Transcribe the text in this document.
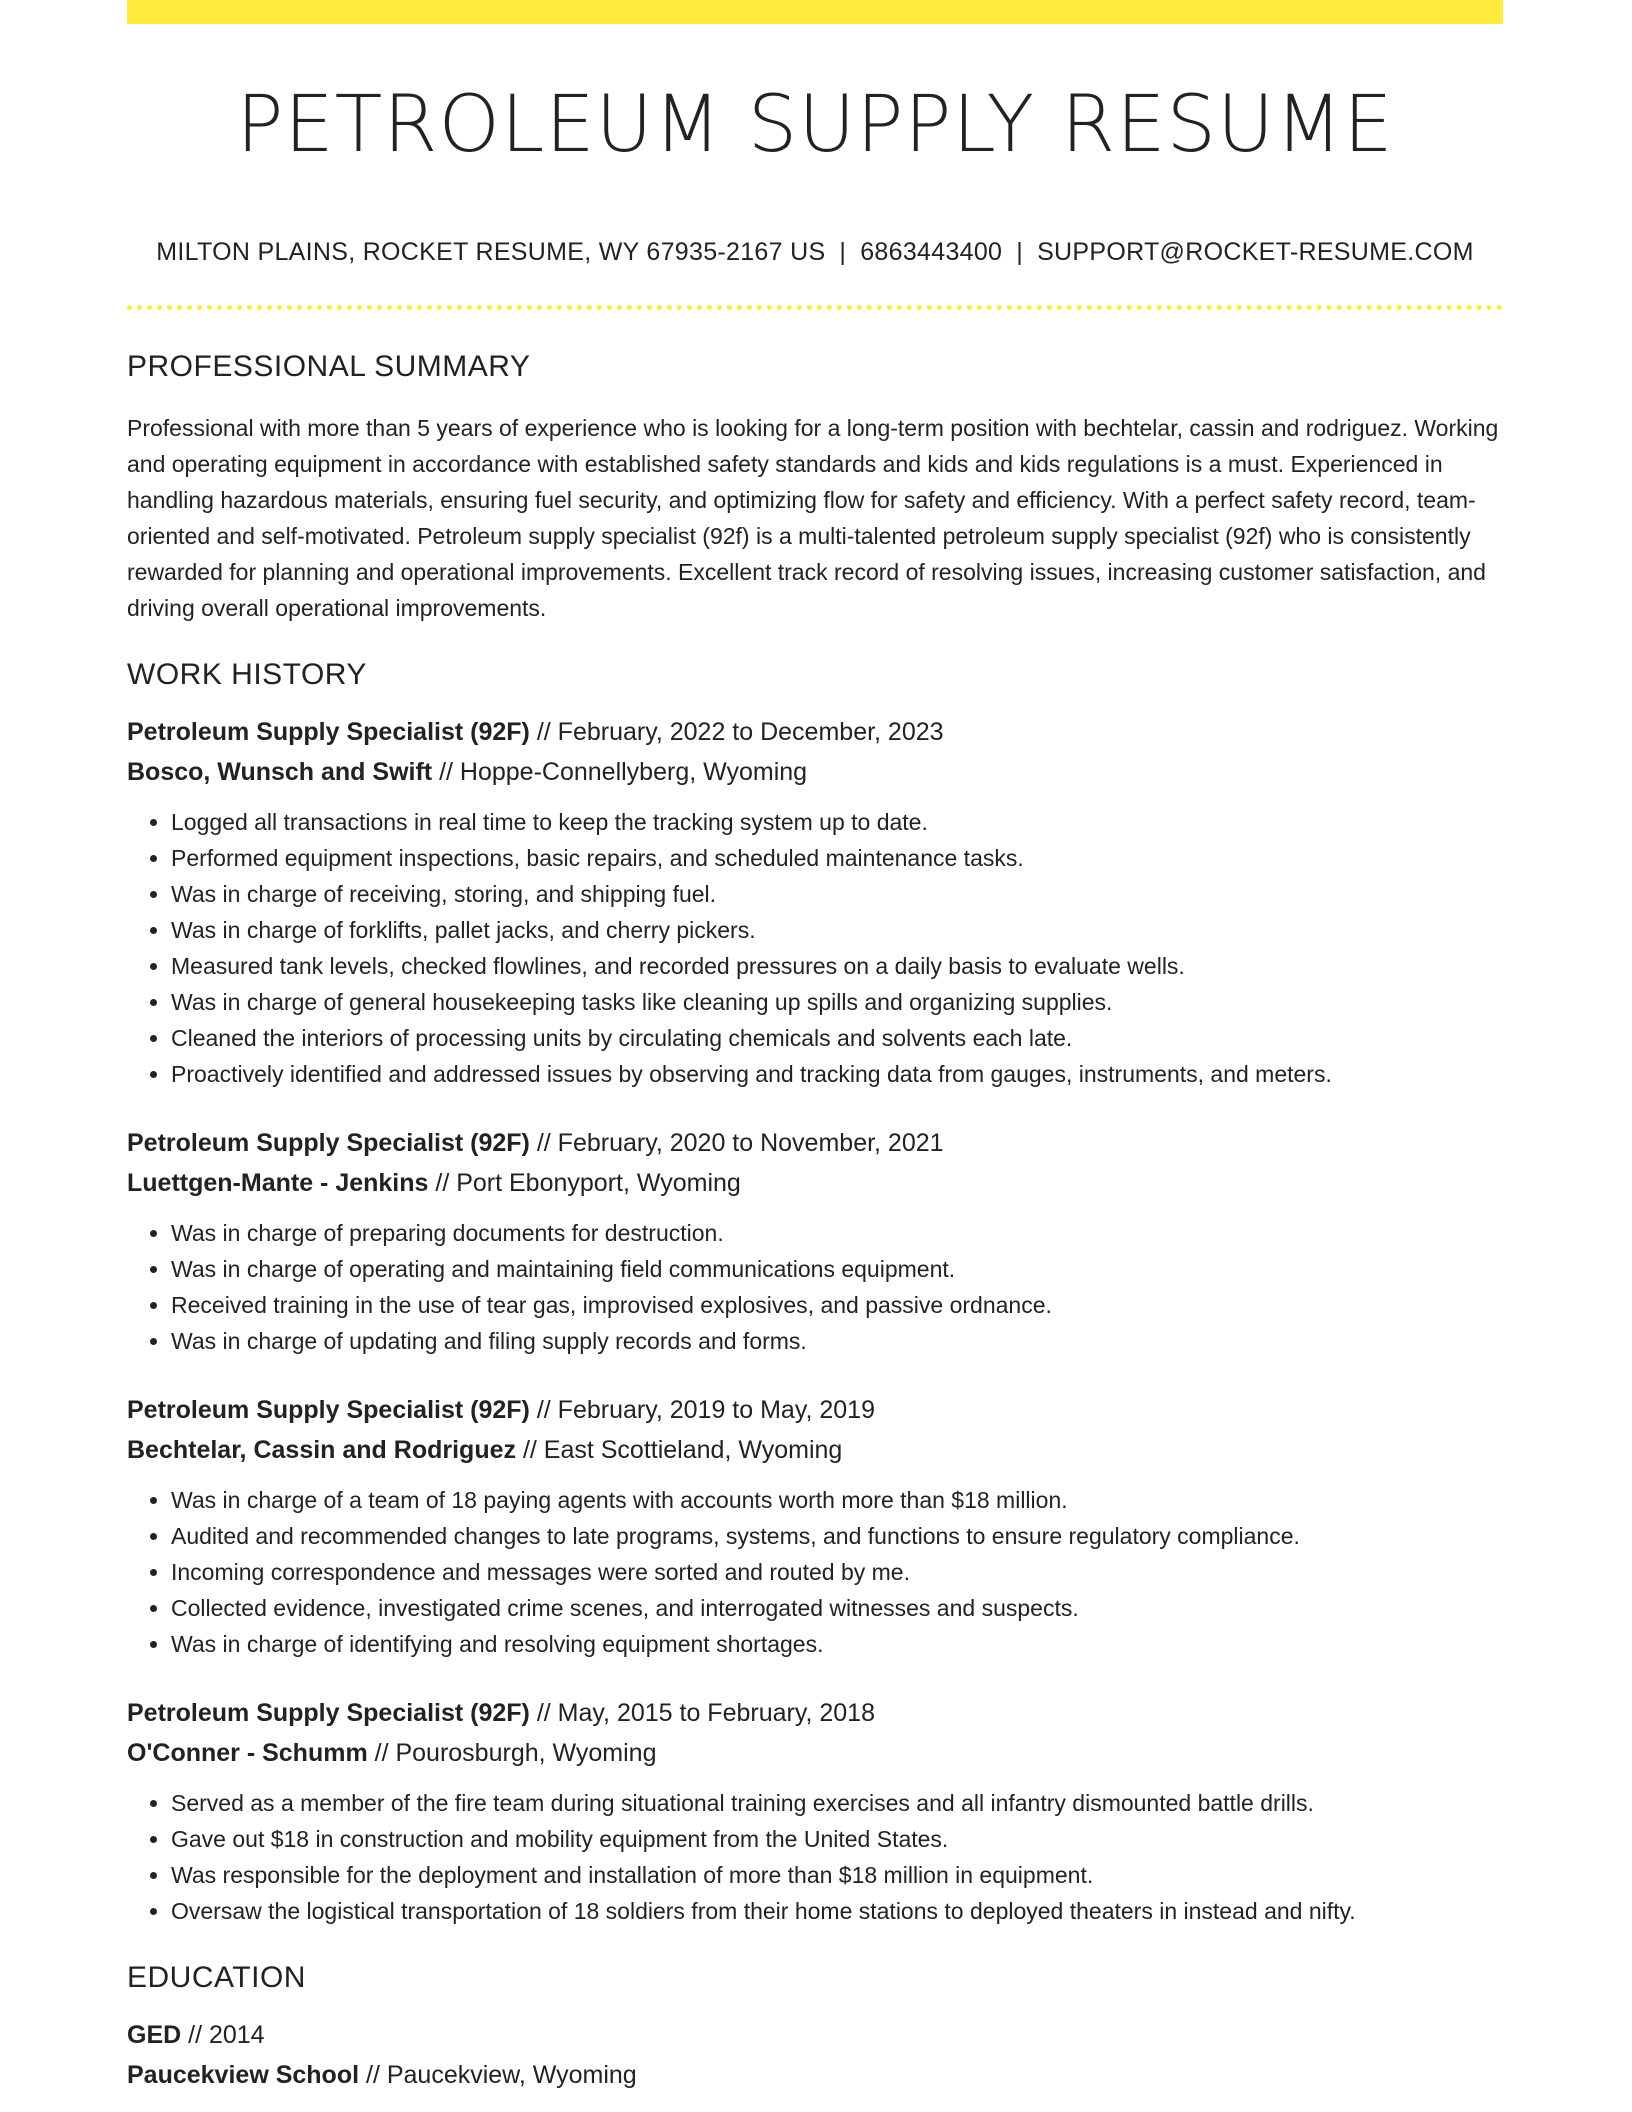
PETROLEUM SUPPLY RESUME
MILTON PLAINS, ROCKET RESUME, WY 67935-2167 US | 6863443400 | SUPPORT@ROCKET-RESUME.COM
PROFESSIONAL SUMMARY

Professional with more than 5 years of experience who is looking for a long-term position with bechtelar, cassin and rodriguez. Working and operating equipment in accordance with established safety standards and kids and kids regulations is a must. Experienced in handling hazardous materials, ensuring fuel security, and optimizing flow for safety and efficiency. With a perfect safety record, team-oriented and self-motivated. Petroleum supply specialist (92f) is a multi-talented petroleum supply specialist (92f) who is consistently rewarded for planning and operational improvements. Excellent track record of resolving issues, increasing customer satisfaction, and driving overall operational improvements.

WORK HISTORY
Petroleum Supply Specialist (92F) // February, 2022 to December, 2023
Bosco, Wunsch and Swift // Hoppe-Connellyberg, Wyoming
• Logged all transactions in real time to keep the tracking system up to date.
• Performed equipment inspections, basic repairs, and scheduled maintenance tasks.
• Was in charge of receiving, storing, and shipping fuel.
• Was in charge of forklifts, pallet jacks, and cherry pickers.
• Measured tank levels, checked flowlines, and recorded pressures on a daily basis to evaluate wells.
• Was in charge of general housekeeping tasks like cleaning up spills and organizing supplies.
• Cleaned the interiors of processing units by circulating chemicals and solvents each late.
• Proactively identified and addressed issues by observing and tracking data from gauges, instruments, and meters.
Petroleum Supply Specialist (92F) // February, 2020 to November, 2021
Luettgen-Mante - Jenkins // Port Ebonyport, Wyoming
• Was in charge of preparing documents for destruction.
• Was in charge of operating and maintaining field communications equipment.
• Received training in the use of tear gas, improvised explosives, and passive ordnance.
• Was in charge of updating and filing supply records and forms.
Petroleum Supply Specialist (92F) // February, 2019 to May, 2019
Bechtelar, Cassin and Rodriguez // East Scottieland, Wyoming
• Was in charge of a team of 18 paying agents with accounts worth more than $18 million.
• Audited and recommended changes to late programs, systems, and functions to ensure regulatory compliance.
• Incoming correspondence and messages were sorted and routed by me.
• Collected evidence, investigated crime scenes, and interrogated witnesses and suspects.
• Was in charge of identifying and resolving equipment shortages.
Petroleum Supply Specialist (92F) // May, 2015 to February, 2018
O'Conner - Schumm // Pourosburgh, Wyoming
• Served as a member of the fire team during situational training exercises and all infantry dismounted battle drills.
• Gave out $18 in construction and mobility equipment from the United States.
• Was responsible for the deployment and installation of more than $18 million in equipment.
• Oversaw the logistical transportation of 18 soldiers from their home stations to deployed theaters in instead and nifty.
EDUCATION
GED // 2014
Paucekview School // Paucekview, Wyoming
